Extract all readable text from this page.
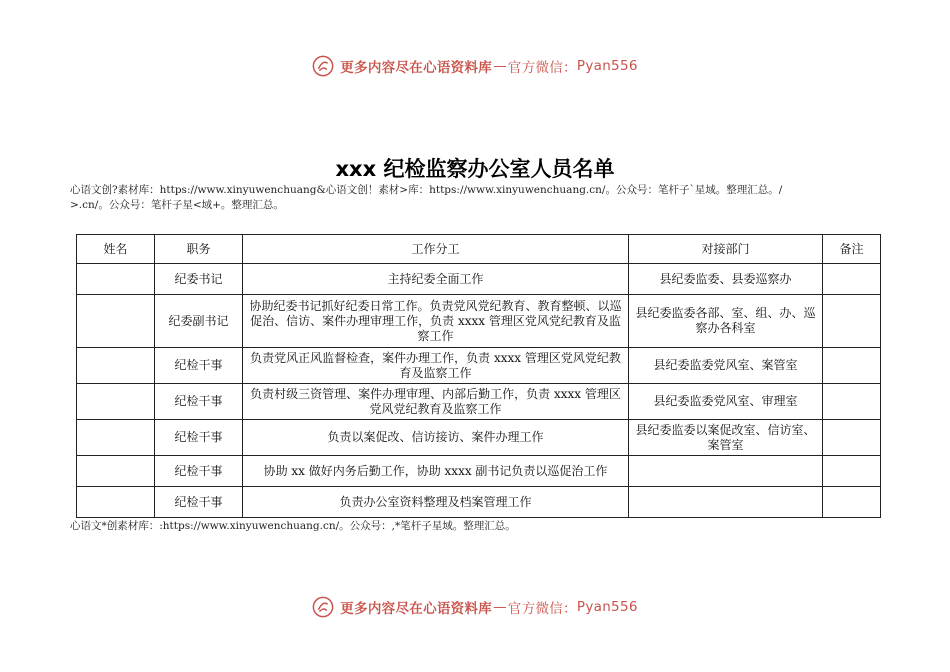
更多内容尽在心语资料库 — 官方微信： Pyan556
xxx 纪检监察办公室人员名单
心语文创?素材库：https://www.xinyuwenchuang&心语文创！素材>库：https://www.xinyuwenchuang.cn/。公众号：笔杆子`星域。整理汇总。/
>.cn/。公众号：笔杆子星<域+。整理汇总。
姓名	职务	工作分工	对接部门	备注
	纪委书记	主持纪委全面工作	县纪委监委、县委巡察办	
	纪委副书记	协助纪委书记抓好纪委日常工作。负责党风党纪教育、教育整顿、以巡促治、信访、案件办理审理工作，负责 xxxx 管理区党风党纪教育及监察工作	县纪委监委各部、室、组、办、巡察办各科室	
	纪检干事	负责党风正风监督检查，案件办理工作，负责 xxxx 管理区党风党纪教育及监察工作	县纪委监委党风室、案管室	
	纪检干事	负责村级三资管理、案件办理审理、内部后勤工作，负责 xxxx 管理区党风党纪教育及监察工作	县纪委监委党风室、审理室	
	纪检干事	负责以案促改、信访接访、案件办理工作	县纪委监委以案促改室、信访室、案管室	
	纪检干事	协助 xx 做好内务后勤工作，协助 xxxx 副书记负责以巡促治工作		
	纪检干事	负责办公室资料整理及档案管理工作		
心语文*创素材库：:https://www.xinyuwenchuang.cn/。公众号：,*笔杆子星域。整理汇总。
更多内容尽在心语资料库 — 官方微信： Pyan556
